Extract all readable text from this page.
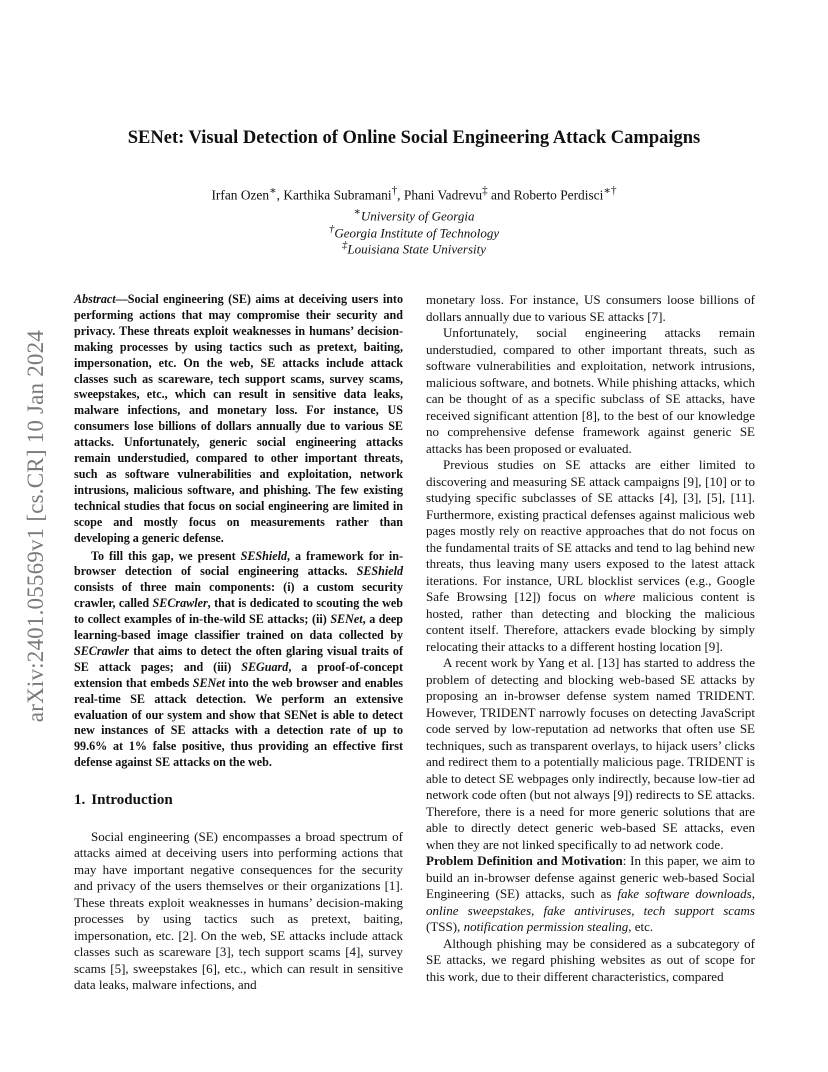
arXiv:2401.05569v1 [cs.CR] 10 Jan 2024
SENet: Visual Detection of Online Social Engineering Attack Campaigns
Irfan Ozen∗, Karthika Subramani†, Phani Vadrevu‡ and Roberto Perdisci∗†
∗University of Georgia
†Georgia Institute of Technology
‡Louisiana State University

Abstract—Social engineering (SE) aims at deceiving users into performing actions that may compromise their security and privacy. These threats exploit weaknesses in humans’ decision-making processes by using tactics such as pretext, baiting, impersonation, etc. On the web, SE attacks include attack classes such as scareware, tech support scams, survey scams, sweepstakes, etc., which can result in sensitive data leaks, malware infections, and monetary loss. For instance, US consumers lose billions of dollars annually due to various SE attacks. Unfortunately, generic social engineering attacks remain understudied, compared to other important threats, such as software vulnerabilities and exploitation, network intrusions, malicious software, and phishing. The few existing technical studies that focus on social engineering are limited in scope and mostly focus on measurements rather than developing a generic defense.

To fill this gap, we present SEShield, a framework for in-browser detection of social engineering attacks. SEShield consists of three main components: (i) a custom security crawler, called SECrawler, that is dedicated to scouting the web to collect examples of in-the-wild SE attacks; (ii) SENet, a deep learning-based image classifier trained on data collected by SECrawler that aims to detect the often glaring visual traits of SE attack pages; and (iii) SEGuard, a proof-of-concept extension that embeds SENet into the web browser and enables real-time SE attack detection. We perform an extensive evaluation of our system and show that SENet is able to detect new instances of SE attacks with a detection rate of up to 99.6% at 1% false positive, thus providing an effective first defense against SE attacks on the web.

1. Introduction

Social engineering (SE) encompasses a broad spectrum of attacks aimed at deceiving users into performing actions that may have important negative consequences for the security and privacy of the users themselves or their organizations [1]. These threats exploit weaknesses in humans’ decision-making processes by using tactics such as pretext, baiting, impersonation, etc. [2]. On the web, SE attacks include attack classes such as scareware [3], tech support scams [4], survey scams [5], sweepstakes [6], etc., which can result in sensitive data leaks, malware infections, and

monetary loss. For instance, US consumers loose billions of dollars annually due to various SE attacks [7].

Unfortunately, social engineering attacks remain understudied, compared to other important threats, such as software vulnerabilities and exploitation, network intrusions, malicious software, and botnets. While phishing attacks, which can be thought of as a specific subclass of SE attacks, have received significant attention [8], to the best of our knowledge no comprehensive defense framework against generic SE attacks has been proposed or evaluated.

Previous studies on SE attacks are either limited to discovering and measuring SE attack campaigns [9], [10] or to studying specific subclasses of SE attacks [4], [3], [5], [11]. Furthermore, existing practical defenses against malicious web pages mostly rely on reactive approaches that do not focus on the fundamental traits of SE attacks and tend to lag behind new threats, thus leaving many users exposed to the latest attack iterations. For instance, URL blocklist services (e.g., Google Safe Browsing [12]) focus on where malicious content is hosted, rather than detecting and blocking the malicious content itself. Therefore, attackers evade blocking by simply relocating their attacks to a different hosting location [9].

A recent work by Yang et al. [13] has started to address the problem of detecting and blocking web-based SE attacks by proposing an in-browser defense system named TRIDENT. However, TRIDENT narrowly focuses on detecting JavaScript code served by low-reputation ad networks that often use SE techniques, such as transparent overlays, to hijack users’ clicks and redirect them to a potentially malicious page. TRIDENT is able to detect SE webpages only indirectly, because low-tier ad network code often (but not always [9]) redirects to SE attacks. Therefore, there is a need for more generic solutions that are able to directly detect generic web-based SE attacks, even when they are not linked specifically to ad network code.

Problem Definition and Motivation: In this paper, we aim to build an in-browser defense against generic web-based Social Engineering (SE) attacks, such as fake software downloads, online sweepstakes, fake antiviruses, tech support scams (TSS), notification permission stealing, etc.

Although phishing may be considered as a subcategory of SE attacks, we regard phishing websites as out of scope for this work, due to their different characteristics, compared
